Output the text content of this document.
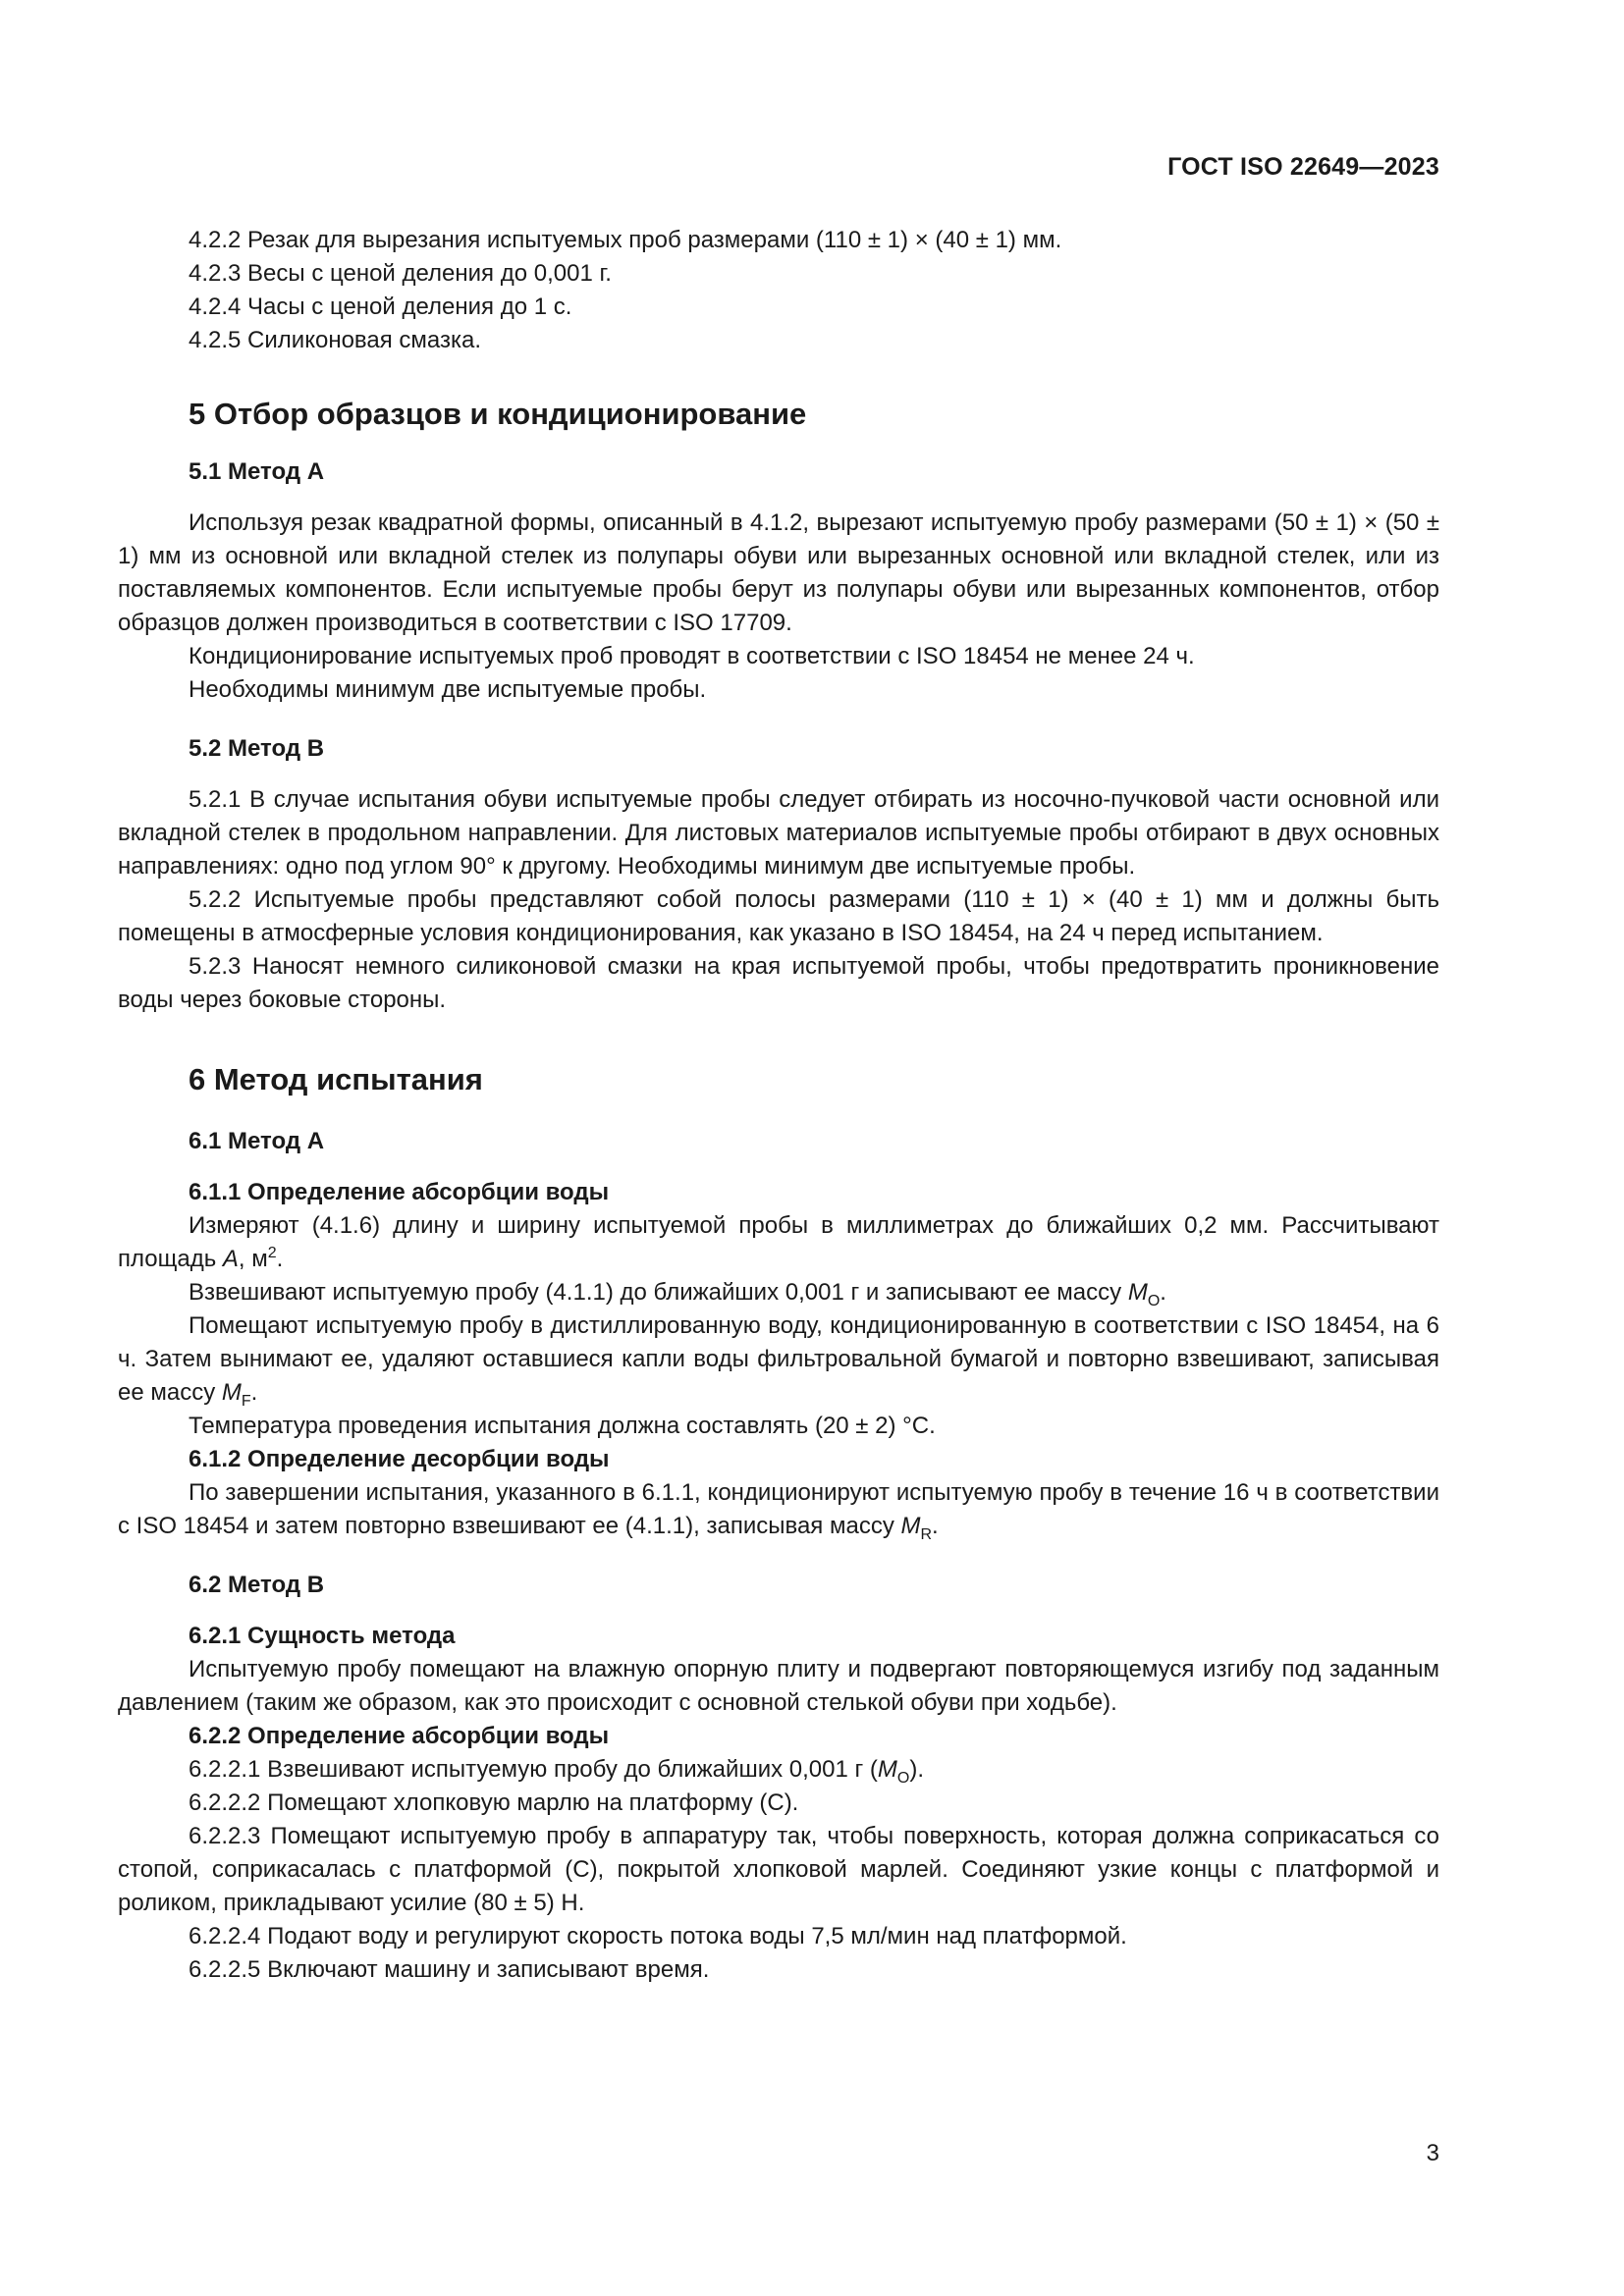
ГОСТ ISO 22649—2023

4.2.2 Резак для вырезания испытуемых проб размерами (110 ± 1) × (40 ± 1) мм.

4.2.3 Весы с ценой деления до 0,001 г.

4.2.4 Часы с ценой деления до 1 с.

4.2.5 Силиконовая смазка.

5 Отбор образцов и кондиционирование
5.1 Метод А

Используя резак квадратной формы, описанный в 4.1.2, вырезают испытуемую пробу размерами (50 ± 1) × (50 ± 1) мм из основной или вкладной стелек из полупары обуви или вырезанных основной или вкладной стелек, или из поставляемых компонентов. Если испытуемые пробы берут из полупары обуви или вырезанных компонентов, отбор образцов должен производиться в соответствии с ISO 17709.

Кондиционирование испытуемых проб проводят в соответствии с ISO 18454 не менее 24 ч.

Необходимы минимум две испытуемые пробы.

5.2 Метод В

5.2.1 В случае испытания обуви испытуемые пробы следует отбирать из носочно-пучковой части основной или вкладной стелек в продольном направлении. Для листовых материалов испытуемые пробы отбирают в двух основных направлениях: одно под углом 90° к другому. Необходимы минимум две испытуемые пробы.

5.2.2 Испытуемые пробы представляют собой полосы размерами (110 ± 1) × (40 ± 1) мм и должны быть помещены в атмосферные условия кондиционирования, как указано в ISO 18454, на 24 ч перед испытанием.

5.2.3 Наносят немного силиконовой смазки на края испытуемой пробы, чтобы предотвратить проникновение воды через боковые стороны.

6 Метод испытания
6.1 Метод А
6.1.1 Определение абсорбции воды

Измеряют (4.1.6) длину и ширину испытуемой пробы в миллиметрах до ближайших 0,2 мм. Рассчитывают площадь A, $м^2$.

Взвешивают испытуемую пробу (4.1.1) до ближайших 0,001 г и записывают ее массу $M_O$.

Помещают испытуемую пробу в дистиллированную воду, кондиционированную в соответствии с ISO 18454, на 6 ч. Затем вынимают ее, удаляют оставшиеся капли воды фильтровальной бумагой и повторно взвешивают, записывая ее массу $M_F$.

Температура проведения испытания должна составлять (20 ± 2) °С.

6.1.2 Определение десорбции воды

По завершении испытания, указанного в 6.1.1, кондиционируют испытуемую пробу в течение 16 ч в соответствии с ISO 18454 и затем повторно взвешивают ее (4.1.1), записывая массу $M_R$.

6.2 Метод В
6.2.1 Сущность метода

Испытуемую пробу помещают на влажную опорную плиту и подвергают повторяющемуся изгибу под заданным давлением (таким же образом, как это происходит с основной стелькой обуви при ходьбе).

6.2.2 Определение абсорбции воды

6.2.2.1 Взвешивают испытуемую пробу до ближайших 0,001 г $(M_O)$.

6.2.2.2 Помещают хлопковую марлю на платформу (С).

6.2.2.3 Помещают испытуемую пробу в аппаратуру так, чтобы поверхность, которая должна соприкасаться со стопой, соприкасалась с платформой (С), покрытой хлопковой марлей. Соединяют узкие концы с платформой и роликом, прикладывают усилие (80 ± 5) Н.

6.2.2.4 Подают воду и регулируют скорость потока воды 7,5 мл/мин над платформой.

6.2.2.5 Включают машину и записывают время.

3
